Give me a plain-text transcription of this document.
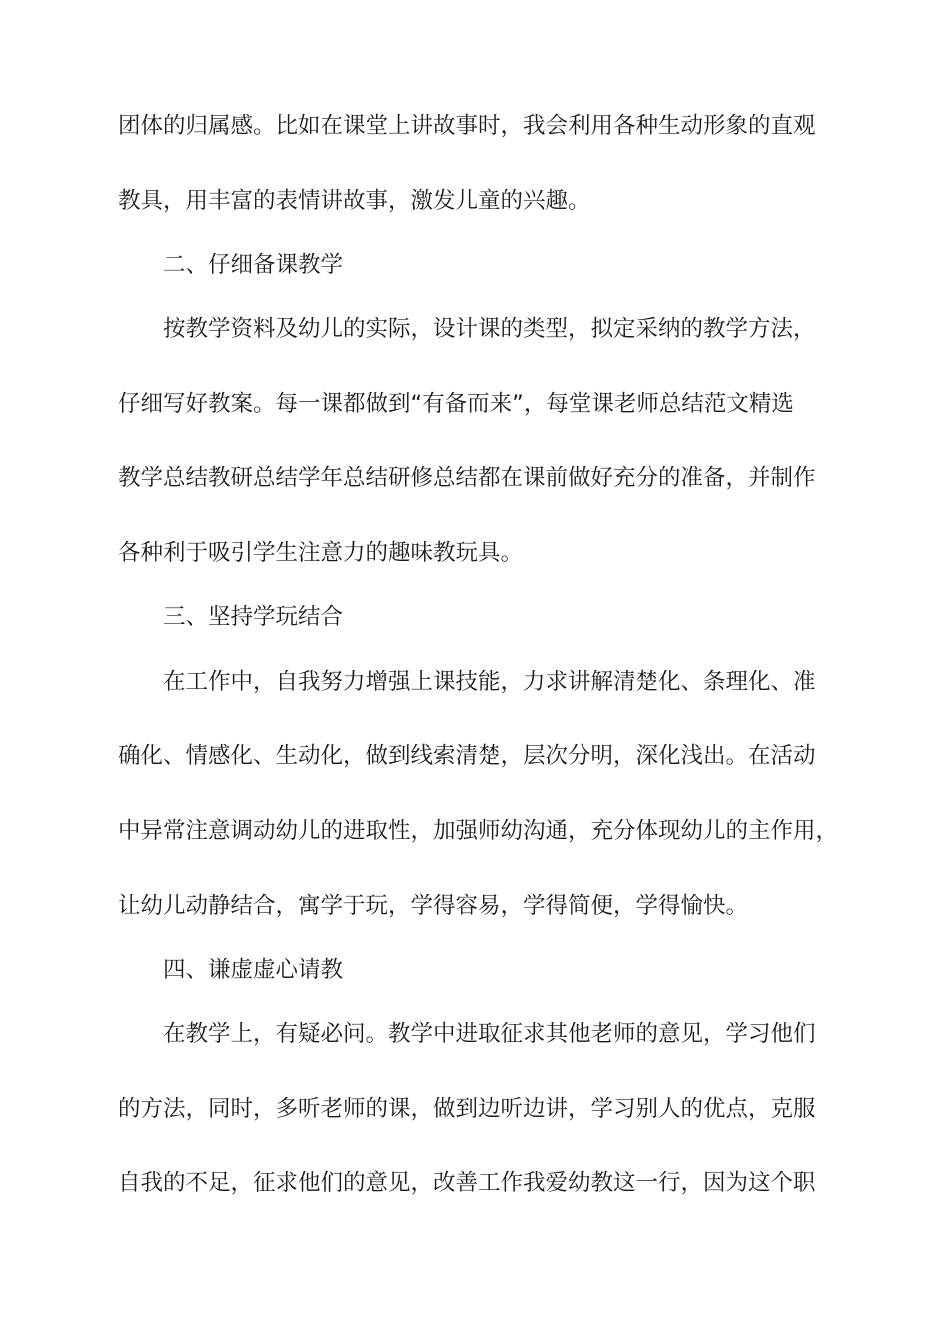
团体的归属感。比如在课堂上讲故事时，我会利用各种生动形象的直观
教具，用丰富的表情讲故事，激发儿童的兴趣。
二、仔细备课教学
按教学资料及幼儿的实际，设计课的类型，拟定采纳的教学方法，
仔细写好教案。每一课都做到“有备而来”，每堂课老师总结范文精选
教学总结教研总结学年总结研修总结都在课前做好充分的准备，并制作
各种利于吸引学生注意力的趣味教玩具。
三、坚持学玩结合
在工作中，自我努力增强上课技能，力求讲解清楚化、条理化、准
确化、情感化、生动化，做到线索清楚，层次分明，深化浅出。在活动
中异常注意调动幼儿的进取性，加强师幼沟通，充分体现幼儿的主作用，
让幼儿动静结合，寓学于玩，学得容易，学得简便，学得愉快。
四、谦虚虚心请教
在教学上，有疑必问。教学中进取征求其他老师的意见，学习他们
的方法，同时，多听老师的课，做到边听边讲，学习别人的优点，克服
自我的不足，征求他们的意见，改善工作我爱幼教这一行，因为这个职
